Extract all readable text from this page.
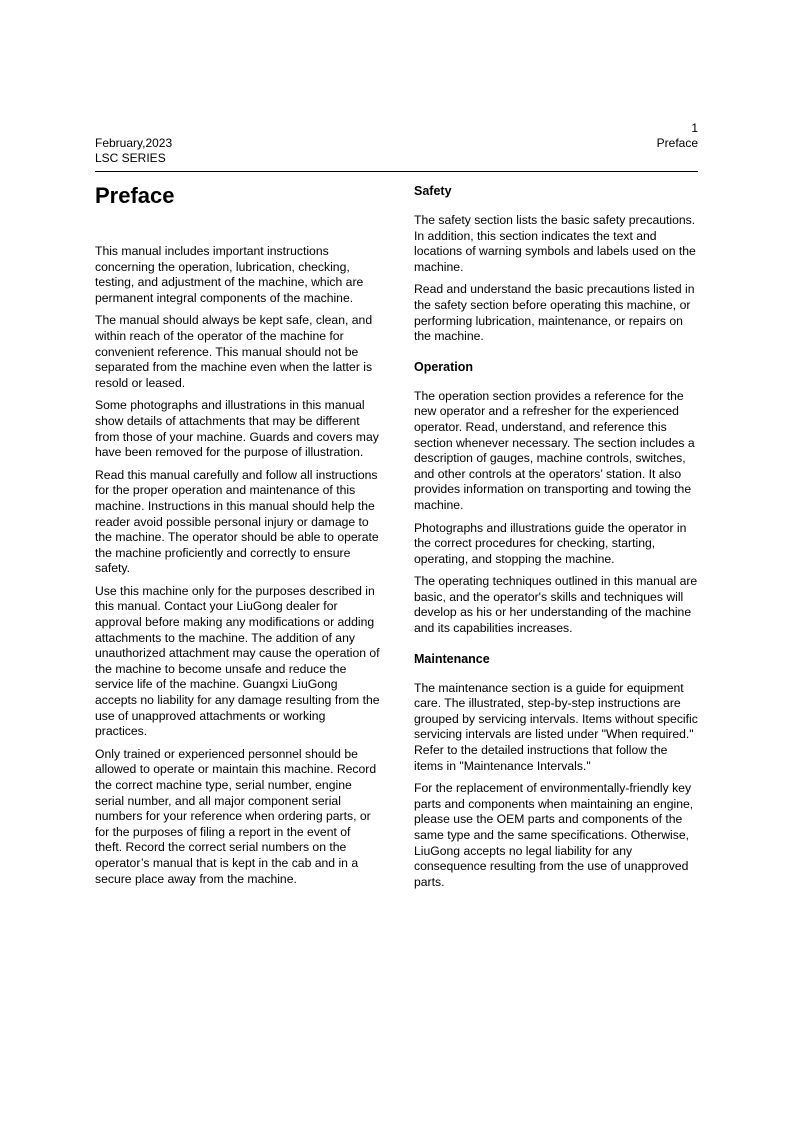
February,2023
LSC SERIES
1
Preface
Preface

This manual includes important instructions concerning the operation, lubrication, checking, testing, and adjustment of the machine, which are permanent integral components of the machine.

The manual should always be kept safe, clean, and within reach of the operator of the machine for convenient reference. This manual should not be separated from the machine even when the latter is resold or leased.

Some photographs and illustrations in this manual show details of attachments that may be different from those of your machine. Guards and covers may have been removed for the purpose of illustration.

Read this manual carefully and follow all instructions for the proper operation and maintenance of this machine. Instructions in this manual should help the reader avoid possible personal injury or damage to the machine. The operator should be able to operate the machine proficiently and correctly to ensure safety.

Use this machine only for the purposes described in this manual. Contact your LiuGong dealer for approval before making any modifications or adding attachments to the machine. The addition of any unauthorized attachment may cause the operation of the machine to become unsafe and reduce the service life of the machine. Guangxi LiuGong accepts no liability for any damage resulting from the use of unapproved attachments or working practices.

Only trained or experienced personnel should be allowed to operate or maintain this machine. Record the correct machine type, serial number, engine serial number, and all major component serial numbers for your reference when ordering parts, or for the purposes of filing a report in the event of theft. Record the correct serial numbers on the operator’s manual that is kept in the cab and in a secure place away from the machine.

Safety

The safety section lists the basic safety precautions. In addition, this section indicates the text and locations of warning symbols and labels used on the machine.

Read and understand the basic precautions listed in the safety section before operating this machine, or performing lubrication, maintenance, or repairs on the machine.

Operation

The operation section provides a reference for the new operator and a refresher for the experienced operator. Read, understand, and reference this section whenever necessary. The section includes a description of gauges, machine controls, switches, and other controls at the operators’ station. It also provides information on transporting and towing the machine.

Photographs and illustrations guide the operator in the correct procedures for checking, starting, operating, and stopping the machine.

The operating techniques outlined in this manual are basic, and the operator's skills and techniques will develop as his or her understanding of the machine and its capabilities increases.

Maintenance

The maintenance section is a guide for equipment care. The illustrated, step-by-step instructions are grouped by servicing intervals. Items without specific servicing intervals are listed under "When required." Refer to the detailed instructions that follow the items in "Maintenance Intervals."

For the replacement of environmentally-friendly key parts and components when maintaining an engine, please use the OEM parts and components of the same type and the same specifications. Otherwise, LiuGong accepts no legal liability for any consequence resulting from the use of unapproved parts.
